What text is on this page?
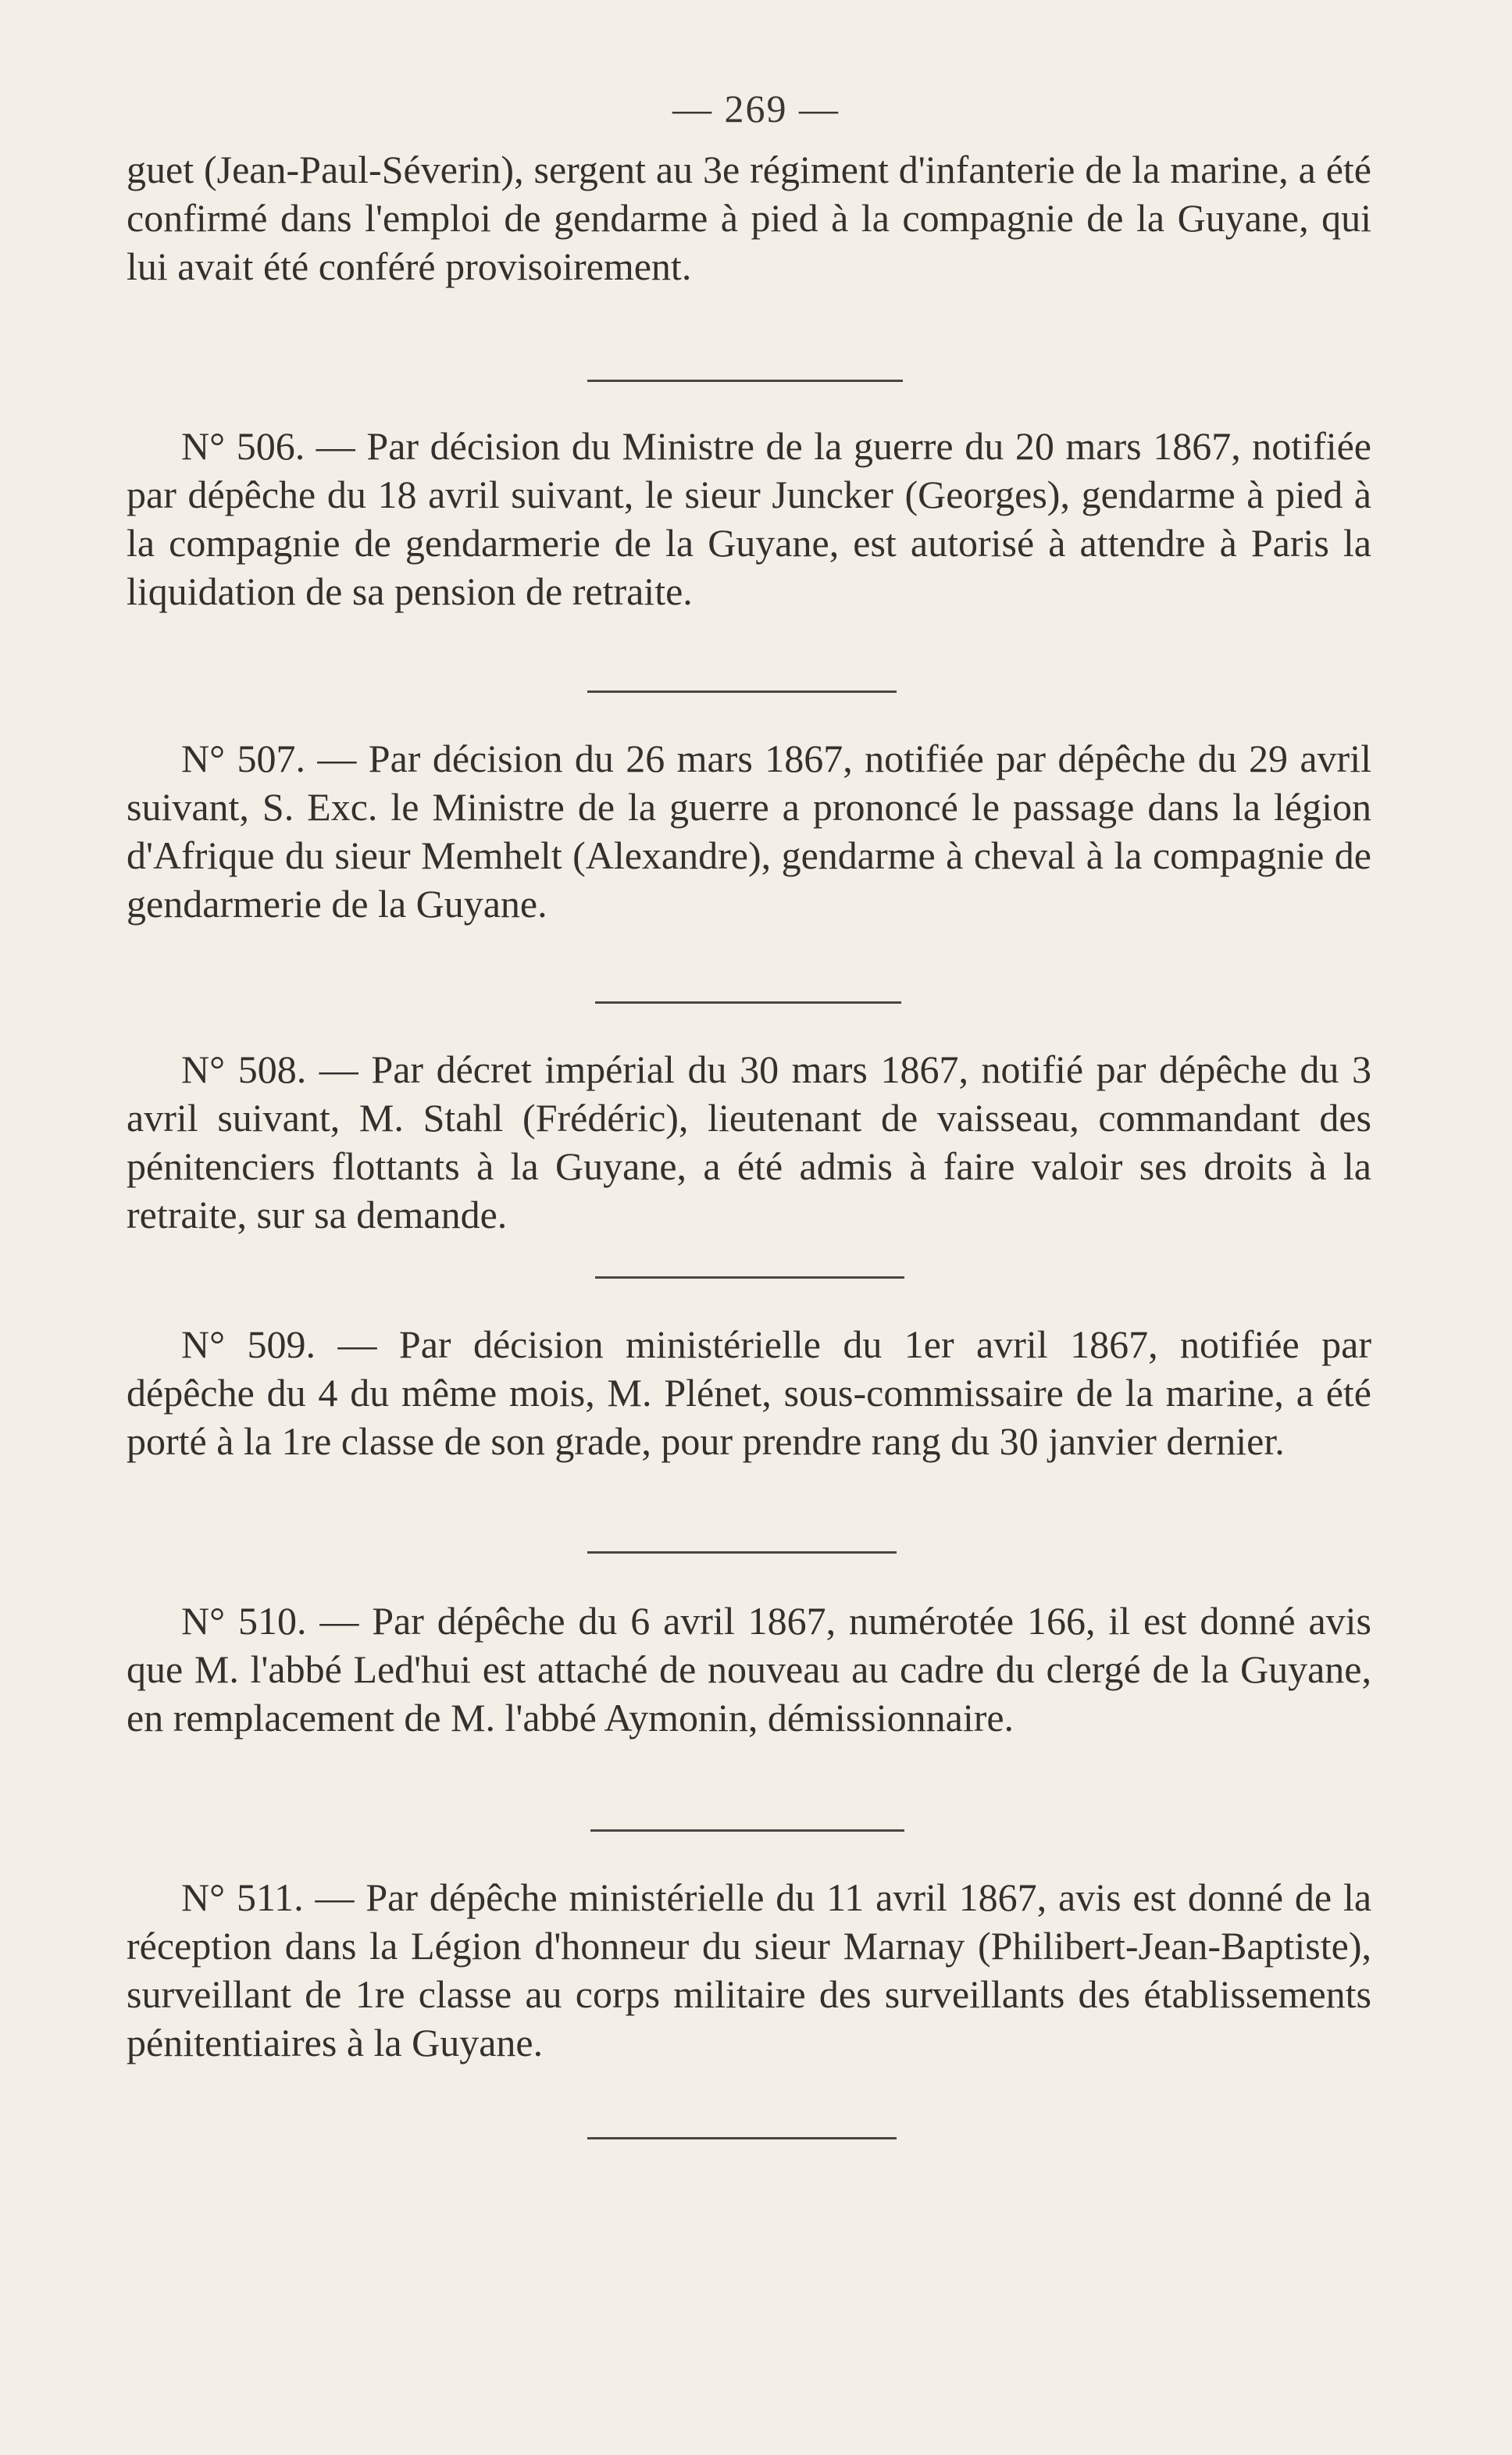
— 269 —

guet (Jean-Paul-Séverin), sergent au 3e régiment d'infanterie de la marine, a été confirmé dans l'emploi de gendarme à pied à la compagnie de la Guyane, qui lui avait été conféré provisoirement.

N° 506. — Par décision du Ministre de la guerre du 20 mars 1867, notifiée par dépêche du 18 avril suivant, le sieur Juncker (Georges), gendarme à pied à la compagnie de gendarmerie de la Guyane, est autorisé à attendre à Paris la liquidation de sa pension de retraite.

N° 507. — Par décision du 26 mars 1867, notifiée par dépêche du 29 avril suivant, S. Exc. le Ministre de la guerre a prononcé le passage dans la légion d'Afrique du sieur Memhelt (Alexandre), gendarme à cheval à la compagnie de gendarmerie de la Guyane.

N° 508. — Par décret impérial du 30 mars 1867, notifié par dépêche du 3 avril suivant, M. Stahl (Frédéric), lieutenant de vaisseau, commandant des pénitenciers flottants à la Guyane, a été admis à faire valoir ses droits à la retraite, sur sa demande.

N° 509. — Par décision ministérielle du 1er avril 1867, notifiée par dépêche du 4 du même mois, M. Plénet, sous-commissaire de la marine, a été porté à la 1re classe de son grade, pour prendre rang du 30 janvier dernier.

N° 510. — Par dépêche du 6 avril 1867, numérotée 166, il est donné avis que M. l'abbé Led'hui est attaché de nouveau au cadre du clergé de la Guyane, en remplacement de M. l'abbé Aymonin, démissionnaire.

N° 511. — Par dépêche ministérielle du 11 avril 1867, avis est donné de la réception dans la Légion d'honneur du sieur Marnay (Philibert-Jean-Baptiste), surveillant de 1re classe au corps militaire des surveillants des établissements pénitentiaires à la Guyane.
